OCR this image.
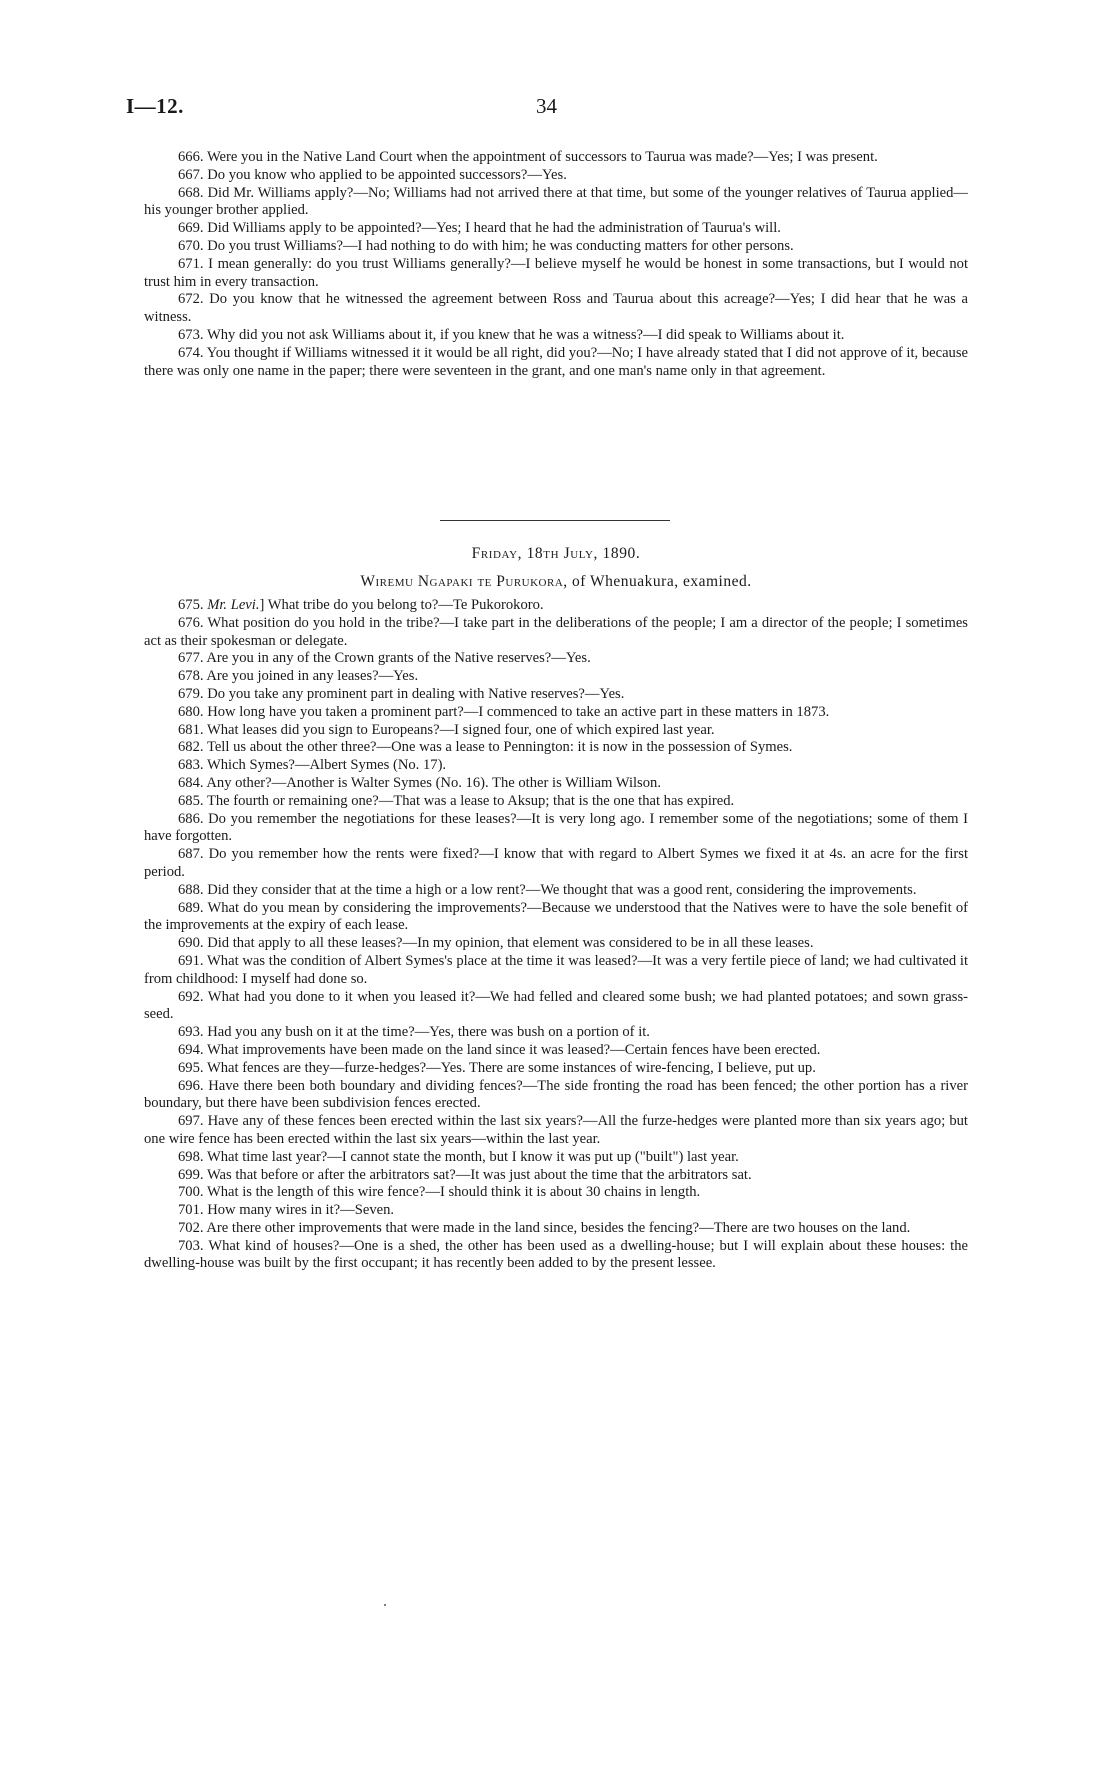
I—12.	34

666. Were you in the Native Land Court when the appointment of successors to Taurua was made?—Yes; I was present.

667. Do you know who applied to be appointed successors?—Yes.

668. Did Mr. Williams apply?—No; Williams had not arrived there at that time, but some of the younger relatives of Taurua applied—his younger brother applied.

669. Did Williams apply to be appointed?—Yes; I heard that he had the administration of Taurua's will.

670. Do you trust Williams?—I had nothing to do with him; he was conducting matters for other persons.

671. I mean generally: do you trust Williams generally?—I believe myself he would be honest in some transactions, but I would not trust him in every transaction.

672. Do you know that he witnessed the agreement between Ross and Taurua about this acreage?—Yes; I did hear that he was a witness.

673. Why did you not ask Williams about it, if you knew that he was a witness?—I did speak to Williams about it.

674. You thought if Williams witnessed it it would be all right, did you?—No; I have already stated that I did not approve of it, because there was only one name in the paper; there were seventeen in the grant, and one man's name only in that agreement.

Friday, 18th July, 1890.
Wiremu Ngapaki te Purukora, of Whenuakura, examined.

675. Mr. Levi.] What tribe do you belong to?—Te Pukorokoro.

676. What position do you hold in the tribe?—I take part in the deliberations of the people; I am a director of the people; I sometimes act as their spokesman or delegate.

677. Are you in any of the Crown grants of the Native reserves?—Yes.

678. Are you joined in any leases?—Yes.

679. Do you take any prominent part in dealing with Native reserves?—Yes.

680. How long have you taken a prominent part?—I commenced to take an active part in these matters in 1873.

681. What leases did you sign to Europeans?—I signed four, one of which expired last year.

682. Tell us about the other three?—One was a lease to Pennington: it is now in the possession of Symes.

683. Which Symes?—Albert Symes (No. 17).

684. Any other?—Another is Walter Symes (No. 16). The other is William Wilson.

685. The fourth or remaining one?—That was a lease to Aksup; that is the one that has expired.

686. Do you remember the negotiations for these leases?—It is very long ago. I remember some of the negotiations; some of them I have forgotten.

687. Do you remember how the rents were fixed?—I know that with regard to Albert Symes we fixed it at 4s. an acre for the first period.

688. Did they consider that at the time a high or a low rent?—We thought that was a good rent, considering the improvements.

689. What do you mean by considering the improvements?—Because we understood that the Natives were to have the sole benefit of the improvements at the expiry of each lease.

690. Did that apply to all these leases?—In my opinion, that element was considered to be in all these leases.

691. What was the condition of Albert Symes's place at the time it was leased?—It was a very fertile piece of land; we had cultivated it from childhood: I myself had done so.

692. What had you done to it when you leased it?—We had felled and cleared some bush; we had planted potatoes; and sown grass-seed.

693. Had you any bush on it at the time?—Yes, there was bush on a portion of it.

694. What improvements have been made on the land since it was leased?—Certain fences have been erected.

695. What fences are they—furze-hedges?—Yes. There are some instances of wire-fencing, I believe, put up.

696. Have there been both boundary and dividing fences?—The side fronting the road has been fenced; the other portion has a river boundary, but there have been subdivision fences erected.

697. Have any of these fences been erected within the last six years?—All the furze-hedges were planted more than six years ago; but one wire fence has been erected within the last six years—within the last year.

698. What time last year?—I cannot state the month, but I know it was put up ("built") last year.

699. Was that before or after the arbitrators sat?—It was just about the time that the arbitrators sat.

700. What is the length of this wire fence?—I should think it is about 30 chains in length.

701. How many wires in it?—Seven.

702. Are there other improvements that were made in the land since, besides the fencing?—There are two houses on the land.

703. What kind of houses?—One is a shed, the other has been used as a dwelling-house; but I will explain about these houses: the dwelling-house was built by the first occupant; it has recently been added to by the present lessee.
